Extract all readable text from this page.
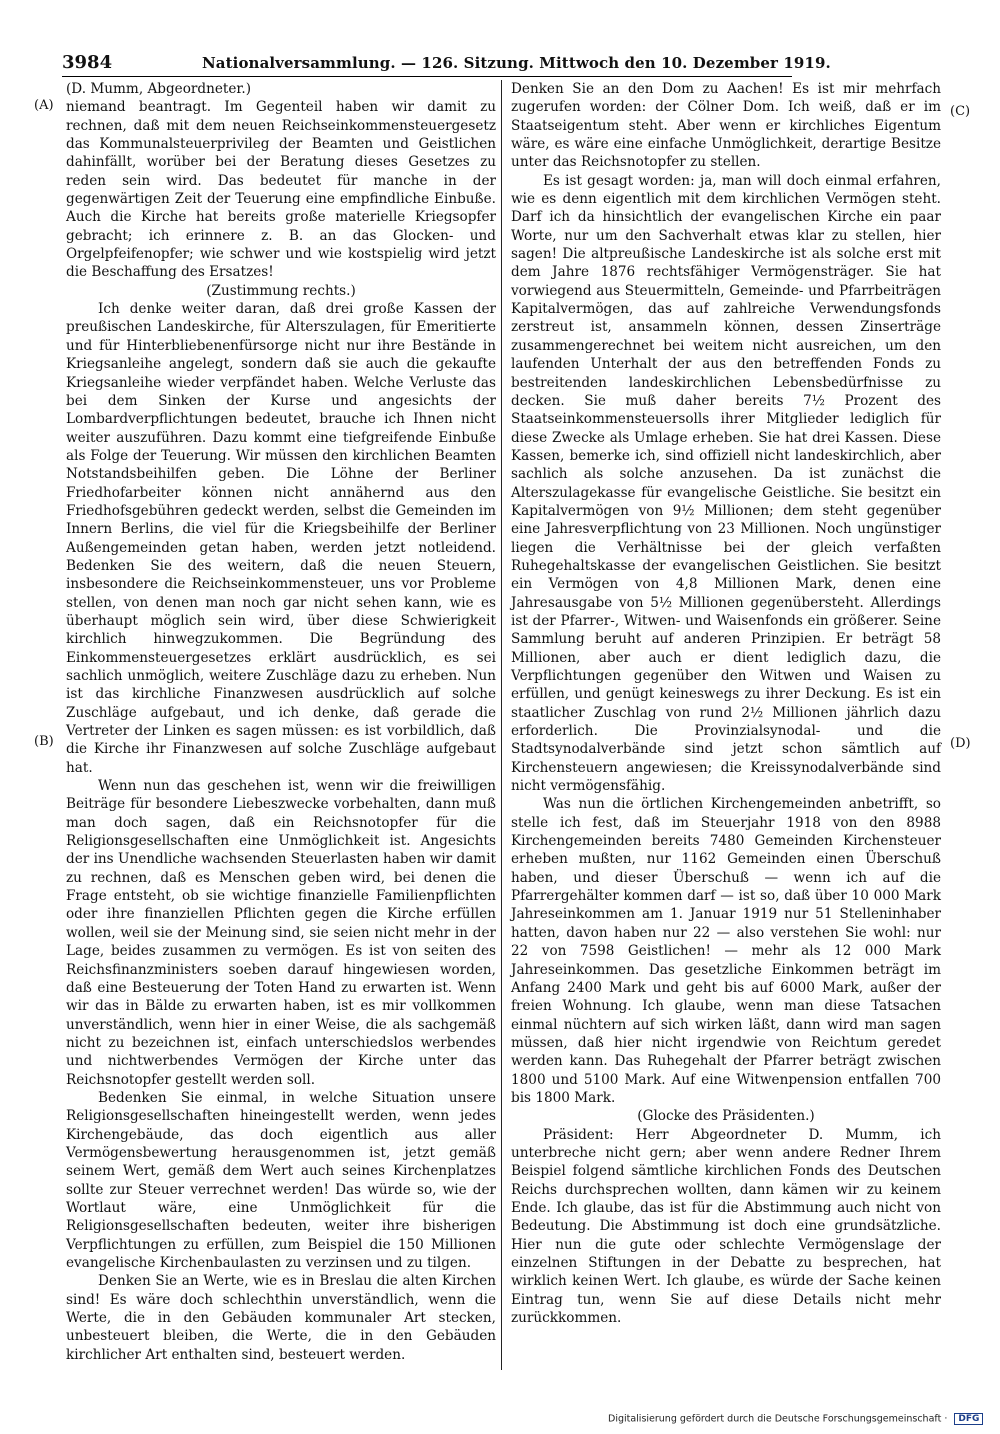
3984	Nationalversammlung. — 126. Sitzung. Mittwoch den 10. Dezember 1919.
(A)
(B)
(C)
(D)

(D. Mumm, Abgeordneter.)

niemand beantragt. Im Gegenteil haben wir damit zu rechnen, daß mit dem neuen Reichseinkommensteuergesetz das Kommunalsteuerprivileg der Beamten und Geistlichen dahinfällt, worüber bei der Beratung dieses Gesetzes zu reden sein wird. Das bedeutet für manche in der gegenwärtigen Zeit der Teuerung eine empfindliche Einbuße. Auch die Kirche hat bereits große materielle Kriegsopfer gebracht; ich erinnere z. B. an das Glocken- und Orgelpfeifenopfer; wie schwer und wie kostspielig wird jetzt die Beschaffung des Ersatzes!

(Zustimmung rechts.)

Ich denke weiter daran, daß drei große Kassen der preußischen Landeskirche, für Alterszulagen, für Emeritierte und für Hinterbliebenenfürsorge nicht nur ihre Bestände in Kriegsanleihe angelegt, sondern daß sie auch die gekaufte Kriegsanleihe wieder verpfändet haben. Welche Verluste das bei dem Sinken der Kurse und angesichts der Lombardverpflichtungen bedeutet, brauche ich Ihnen nicht weiter auszuführen. Dazu kommt eine tiefgreifende Einbuße als Folge der Teuerung. Wir müssen den kirchlichen Beamten Notstandsbeihilfen geben. Die Löhne der Berliner Friedhofarbeiter können nicht annähernd aus den Friedhofsgebühren gedeckt werden, selbst die Gemeinden im Innern Berlins, die viel für die Kriegsbeihilfe der Berliner Außengemeinden getan haben, werden jetzt notleidend. Bedenken Sie des weitern, daß die neuen Steuern, insbesondere die Reichseinkommensteuer, uns vor Probleme stellen, von denen man noch gar nicht sehen kann, wie es überhaupt möglich sein wird, über diese Schwierigkeit kirchlich hinwegzukommen. Die Begründung des Einkommensteuergesetzes erklärt ausdrücklich, es sei sachlich unmöglich, weitere Zuschläge dazu zu erheben. Nun ist das kirchliche Finanzwesen ausdrücklich auf solche Zuschläge aufgebaut, und ich denke, daß gerade die Vertreter der Linken es sagen müssen: es ist vorbildlich, daß die Kirche ihr Finanzwesen auf solche Zuschläge aufgebaut hat.

Wenn nun das geschehen ist, wenn wir die freiwilligen Beiträge für besondere Liebeszwecke vorbehalten, dann muß man doch sagen, daß ein Reichsnotopfer für die Religionsgesellschaften eine Unmöglichkeit ist. Angesichts der ins Unendliche wachsenden Steuerlasten haben wir damit zu rechnen, daß es Menschen geben wird, bei denen die Frage entsteht, ob sie wichtige finanzielle Familienpflichten oder ihre finanziellen Pflichten gegen die Kirche erfüllen wollen, weil sie der Meinung sind, sie seien nicht mehr in der Lage, beides zusammen zu vermögen. Es ist von seiten des Reichsfinanzministers soeben darauf hingewiesen worden, daß eine Besteuerung der Toten Hand zu erwarten ist. Wenn wir das in Bälde zu erwarten haben, ist es mir vollkommen unverständlich, wenn hier in einer Weise, die als sachgemäß nicht zu bezeichnen ist, einfach unterschiedslos werbendes und nichtwerbendes Vermögen der Kirche unter das Reichsnotopfer gestellt werden soll.

Bedenken Sie einmal, in welche Situation unsere Religionsgesellschaften hineingestellt werden, wenn jedes Kirchengebäude, das doch eigentlich aus aller Vermögensbewertung herausgenommen ist, jetzt gemäß seinem Wert, gemäß dem Wert auch seines Kirchenplatzes sollte zur Steuer verrechnet werden! Das würde so, wie der Wortlaut wäre, eine Unmöglichkeit für die Religionsgesellschaften bedeuten, weiter ihre bisherigen Verpflichtungen zu erfüllen, zum Beispiel die 150 Millionen evangelische Kirchenbaulasten zu verzinsen und zu tilgen.

Denken Sie an Werte, wie es in Breslau die alten Kirchen sind! Es wäre doch schlechthin unverständlich, wenn die Werte, die in den Gebäuden kommunaler Art stecken, unbesteuert bleiben, die Werte, die in den Gebäuden kirchlicher Art enthalten sind, besteuert werden.

Denken Sie an den Dom zu Aachen! Es ist mir mehrfach zugerufen worden: der Cölner Dom. Ich weiß, daß er im Staatseigentum steht. Aber wenn er kirchliches Eigentum wäre, es wäre eine einfache Unmöglichkeit, derartige Besitze unter das Reichsnotopfer zu stellen.

Es ist gesagt worden: ja, man will doch einmal erfahren, wie es denn eigentlich mit dem kirchlichen Vermögen steht. Darf ich da hinsichtlich der evangelischen Kirche ein paar Worte, nur um den Sachverhalt etwas klar zu stellen, hier sagen! Die altpreußische Landeskirche ist als solche erst mit dem Jahre 1876 rechtsfähiger Vermögensträger. Sie hat vorwiegend aus Steuermitteln, Gemeinde- und Pfarrbeiträgen Kapitalvermögen, das auf zahlreiche Verwendungsfonds zerstreut ist, ansammeln können, dessen Zinserträge zusammengerechnet bei weitem nicht ausreichen, um den laufenden Unterhalt der aus den betreffenden Fonds zu bestreitenden landeskirchlichen Lebensbedürfnisse zu decken. Sie muß daher bereits 7½ Prozent des Staatseinkommensteuersolls ihrer Mitglieder lediglich für diese Zwecke als Umlage erheben. Sie hat drei Kassen. Diese Kassen, bemerke ich, sind offiziell nicht landeskirchlich, aber sachlich als solche anzusehen. Da ist zunächst die Alterszulagekasse für evangelische Geistliche. Sie besitzt ein Kapitalvermögen von 9½ Millionen; dem steht gegenüber eine Jahresverpflichtung von 23 Millionen. Noch ungünstiger liegen die Verhältnisse bei der gleich verfaßten Ruhegehaltskasse der evangelischen Geistlichen. Sie besitzt ein Vermögen von 4,8 Millionen Mark, denen eine Jahresausgabe von 5½ Millionen gegenübersteht. Allerdings ist der Pfarrer-, Witwen- und Waisenfonds ein größerer. Seine Sammlung beruht auf anderen Prinzipien. Er beträgt 58 Millionen, aber auch er dient lediglich dazu, die Verpflichtungen gegenüber den Witwen und Waisen zu erfüllen, und genügt keineswegs zu ihrer Deckung. Es ist ein staatlicher Zuschlag von rund 2½ Millionen jährlich dazu erforderlich. Die Provinzialsynodal- und die Stadtsynodalverbände sind jetzt schon sämtlich auf Kirchensteuern angewiesen; die Kreissynodalverbände sind nicht vermögensfähig.

Was nun die örtlichen Kirchengemeinden anbetrifft, so stelle ich fest, daß im Steuerjahr 1918 von den 8988 Kirchengemeinden bereits 7480 Gemeinden Kirchensteuer erheben mußten, nur 1162 Gemeinden einen Überschuß haben, und dieser Überschuß — wenn ich auf die Pfarrergehälter kommen darf — ist so, daß über 10 000 Mark Jahreseinkommen am 1. Januar 1919 nur 51 Stelleninhaber hatten, davon haben nur 22 — also verstehen Sie wohl: nur 22 von 7598 Geistlichen! — mehr als 12 000 Mark Jahreseinkommen. Das gesetzliche Einkommen beträgt im Anfang 2400 Mark und geht bis auf 6000 Mark, außer der freien Wohnung. Ich glaube, wenn man diese Tatsachen einmal nüchtern auf sich wirken läßt, dann wird man sagen müssen, daß hier nicht irgendwie von Reichtum geredet werden kann. Das Ruhegehalt der Pfarrer beträgt zwischen 1800 und 5100 Mark. Auf eine Witwenpension entfallen 700 bis 1800 Mark.

(Glocke des Präsidenten.)

Präsident: Herr Abgeordneter D. Mumm, ich unterbreche nicht gern; aber wenn andere Redner Ihrem Beispiel folgend sämtliche kirchlichen Fonds des Deutschen Reichs durchsprechen wollten, dann kämen wir zu keinem Ende. Ich glaube, das ist für die Abstimmung auch nicht von Bedeutung. Die Abstimmung ist doch eine grundsätzliche. Hier nun die gute oder schlechte Vermögenslage der einzelnen Stiftungen in der Debatte zu besprechen, hat wirklich keinen Wert. Ich glaube, es würde der Sache keinen Eintrag tun, wenn Sie auf diese Details nicht mehr zurückkommen.

Digitalisierung gefördert durch die Deutsche Forschungsgemeinschaft · DFG
